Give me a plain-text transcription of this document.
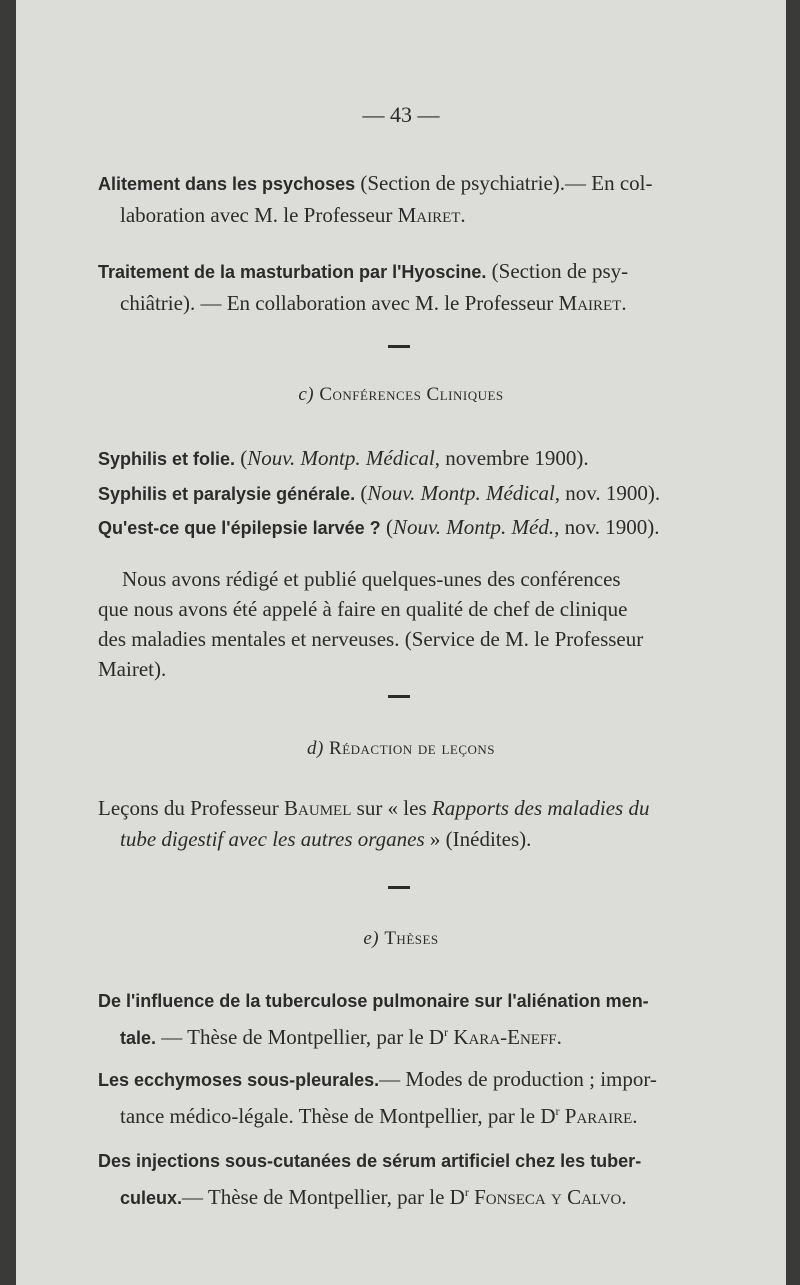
— 43 —
Alitement dans les psychoses (Section de psychiatrie).— En col-
laboration avec M. le Professeur Mairet.
Traitement de la masturbation par l'Hyoscine. (Section de psy-
chiâtrie). — En collaboration avec M. le Professeur Mairet.
c) Conférences Cliniques
Syphilis et folie. (Nouv. Montp. Médical, novembre 1900).
Syphilis et paralysie générale. (Nouv. Montp. Médical, nov. 1900).
Qu'est-ce que l'épilepsie larvée ? (Nouv. Montp. Méd., nov. 1900).
Nous avons rédigé et publié quelques-unes des conférences
que nous avons été appelé à faire en qualité de chef de clinique
des maladies mentales et nerveuses. (Service de M. le Professeur
Mairet).
d) Rédaction de leçons
Leçons du Professeur Baumel sur « les Rapports des maladies du
tube digestif avec les autres organes » (Inédites).
e) Thèses
De l'influence de la tuberculose pulmonaire sur l'aliénation men-
tale. — Thèse de Montpellier, par le $D^r$ Kara-Eneff.
Les ecchymoses sous-pleurales.— Modes de production ; impor-
tance médico-légale. Thèse de Montpellier, par le $D^r$ Paraire.
Des injections sous-cutanées de sérum artificiel chez les tuber-
culeux.— Thèse de Montpellier, par le $D^r$ Fonseca y Calvo.
